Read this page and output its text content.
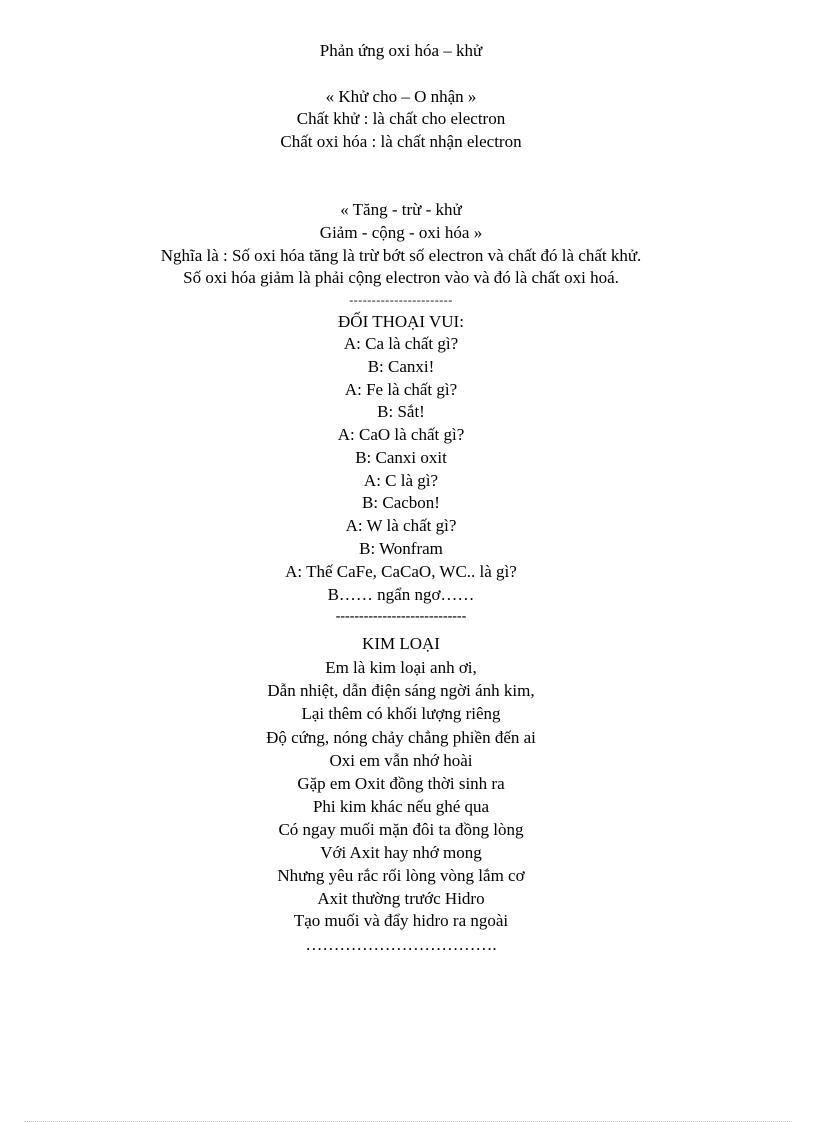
Phản ứng oxi hóa – khử
« Khử cho – O nhận »
Chất khử : là chất cho electron
Chất oxi hóa : là chất nhận electron
« Tăng - trừ - khử
Giảm - cộng - oxi hóa »
Nghĩa là : Số oxi hóa tăng là trừ bớt số electron và chất đó là chất khử.
Số oxi hóa giảm là phải cộng electron vào và đó là chất oxi hoá.
-----------------------
ĐỐI THOẠI VUI:
A: Ca là chất gì?
B: Canxi!
A: Fe là chất gì?
B: Sắt!
A: CaO là chất gì?
B: Canxi oxit
A: C là gì?
B: Cacbon!
A: W là chất gì?
B: Wonfram
A: Thế CaFe, CaCaO, WC.. là gì?
B…… ngẩn ngơ……
----------------------------
KIM LOẠI
Em là kim loại anh ơi,
Dẫn nhiệt, dẫn điện sáng ngời ánh kim,
Lại thêm có khối lượng riêng
Độ cứng, nóng chảy chẳng phiền đến ai
Oxi em vẫn nhớ hoài
Gặp em Oxit đồng thời sinh ra
Phi kim khác nếu ghé qua
Có ngay muối mặn đôi ta đồng lòng
Với Axit hay nhớ mong
Nhưng yêu rắc rối lòng vòng lắm cơ
Axit thường trước Hidro
Tạo muối và đẩy hidro ra ngoài
…………………………….
